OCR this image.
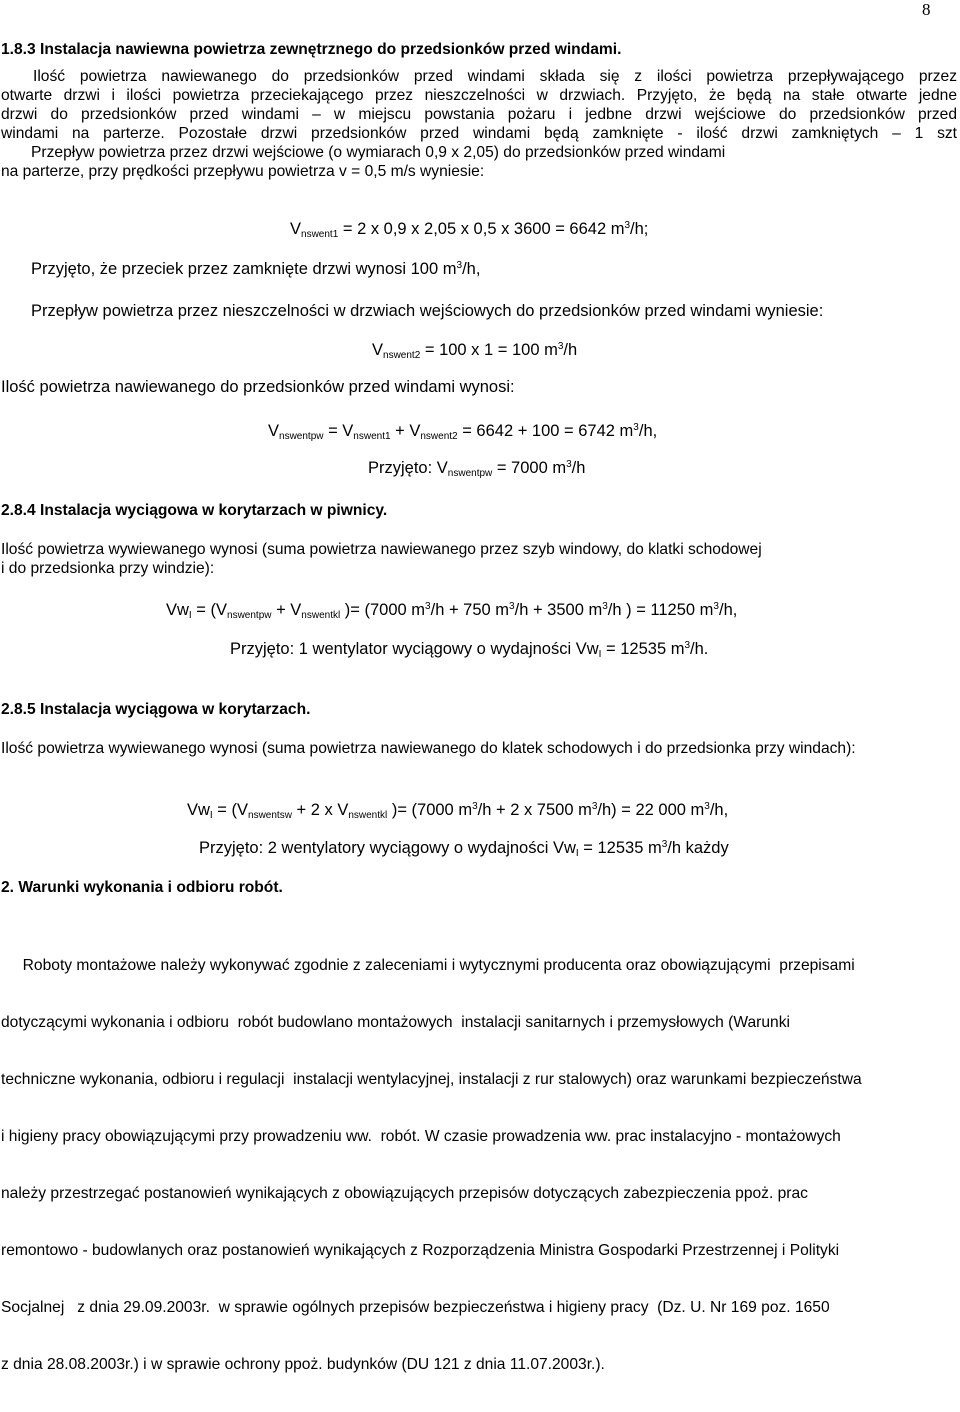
8
1.8.3 Instalacja nawiewna powietrza zewnętrznego do przedsionków przed windami.
Ilość powietrza nawiewanego do przedsionków przed windami składa się z ilości powietrza przepływającego przez
otwarte drzwi i ilości powietrza przeciekającego przez nieszczelności w drzwiach. Przyjęto, że będą na stałe otwarte jedne
drzwi do przedsionków przed windami – w miejscu powstania pożaru i jedbne drzwi wejściowe do przedsionków przed
windami na parterze. Pozostałe drzwi przedsionków przed windami będą zamknięte - ilość drzwi zamkniętych – 1 szt
Przepływ powietrza przez drzwi wejściowe (o wymiarach 0,9 x 2,05) do przedsionków przed windami
na parterze, przy prędkości przepływu powietrza v = 0,5 m/s wyniesie:
$V_{nswent1} = 2$ x 0,9 x 2,05 x 0,5 x 3600 = 6642 $m^3/h$;
Przyjęto, że przeciek przez zamknięte drzwi wynosi 100 $m^3/h$,
Przepływ powietrza przez nieszczelności w drzwiach wejściowych do przedsionków przed windami wyniesie:
$V_{nswent2} = 100$ x 1 = 100 $m^3/h$
Ilość powietrza nawiewanego do przedsionków przed windami wynosi:
$V_{nswentpw} = V_{nswent1} + V_{nswent2} = 6642 + 100 = 6742$ $m^3/h$,
Przyjęto: $V_{nswentpw} = 7000$ $m^3/h$
2.8.4 Instalacja wyciągowa w korytarzach w piwnicy.
Ilość powietrza wywiewanego wynosi (suma powietrza nawiewanego przez szyb windowy, do klatki schodowej
i do przedsionka przy windzie):
$Vw_I = (V_{nswentpw} + V_{nswentkl}$ )= (7000 $m^3/h + 750$ $m^3/h + 3500$ $m^3/h$ ) = 11250 $m^3/h$,
Przyjęto: 1 wentylator wyciągowy o wydajności $Vw_I = 12535$ $m^3/h$.
2.8.5 Instalacja wyciągowa w korytarzach.
Ilość powietrza wywiewanego wynosi (suma powietrza nawiewanego do klatek schodowych i do przedsionka przy windach):
$Vw_I = (V_{nswentsw} + 2$ x $V_{nswentkl}$ )= (7000 $m^3/h + 2$ x 7500 $m^3/h) = 22$ 000 $m^3/h$,
Przyjęto: 2 wentylatory wyciągowy o wydajności $Vw_I = 12535$ $m^3/h$ każdy
2. Warunki wykonania i odbioru robót.

Roboty montażowe należy wykonywać zgodnie z zaleceniami i wytycznymi producenta oraz obowiązującymi  przepisami

dotyczącymi wykonania i odbioru  robót budowlano montażowych  instalacji sanitarnych i przemysłowych (Warunki

techniczne wykonania, odbioru i regulacji  instalacji wentylacyjnej, instalacji z rur stalowych) oraz warunkami bezpieczeństwa

i higieny pracy obowiązującymi przy prowadzeniu ww.  robót. W czasie prowadzenia ww. prac instalacyjno - montażowych

należy przestrzegać postanowień wynikających z obowiązujących przepisów dotyczących zabezpieczenia ppoż. prac

remontowo - budowlanych oraz postanowień wynikających z Rozporządzenia Ministra Gospodarki Przestrzennej i Polityki

Socjalnej   z dnia 29.09.2003r.  w sprawie ogólnych przepisów bezpieczeństwa i higieny pracy  (Dz. U. Nr 169 poz. 1650

z dnia 28.08.2003r.) i w sprawie ochrony ppoż. budynków (DU 121 z dnia 11.07.2003r.).
